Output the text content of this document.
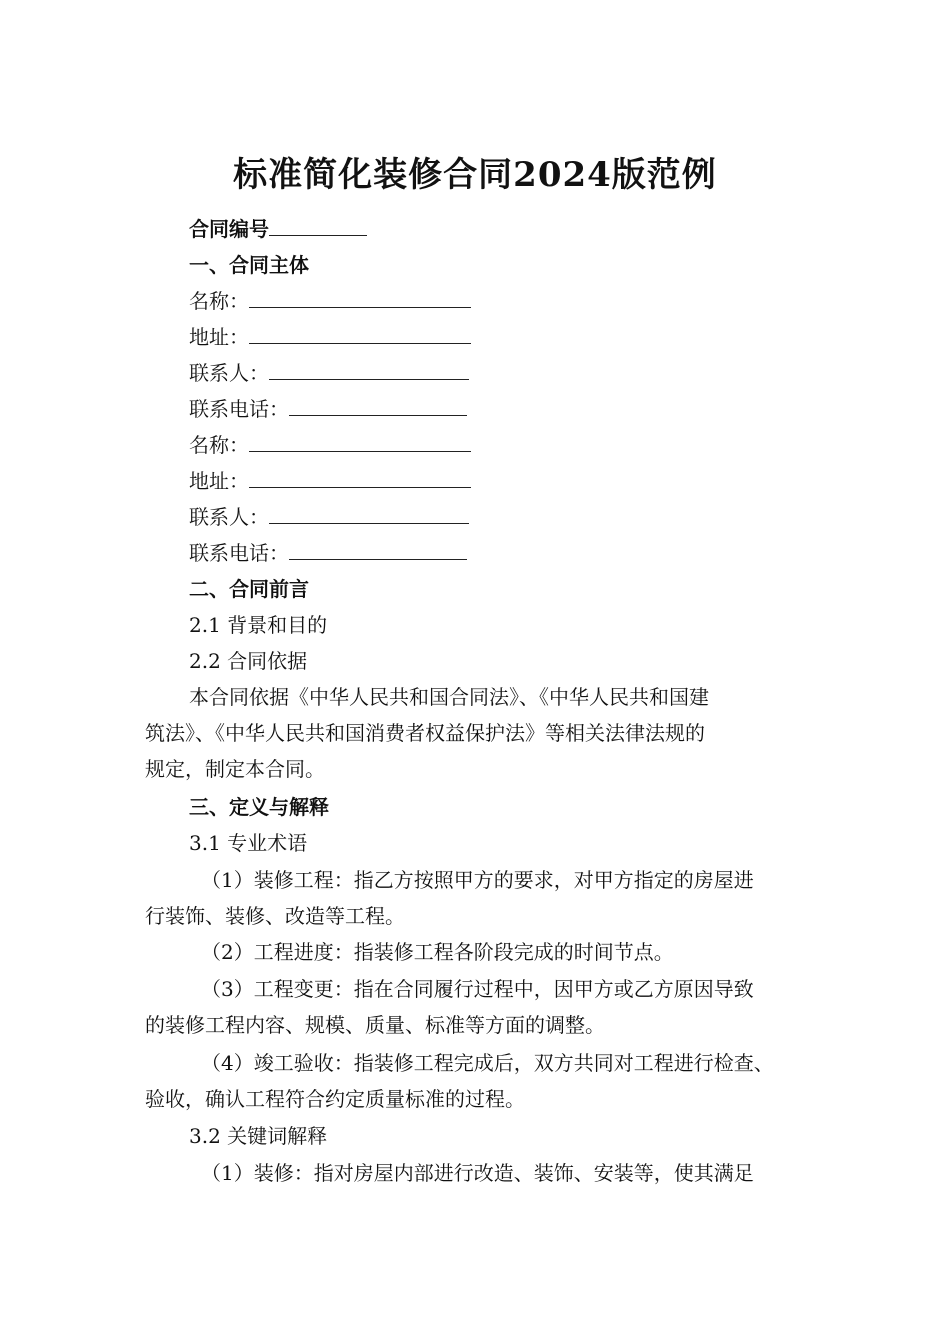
标准简化装修合同2024版范例
合同编号
一、合同主体
名称：
地址：
联系人：
联系电话：
名称：
地址：
联系人：
联系电话：
二、合同前言
2.1 背景和目的
2.2 合同依据
本合同依据《中华人民共和国合同法》、《中华人民共和国建
筑法》、《中华人民共和国消费者权益保护法》等相关法律法规的
规定，制定本合同。
三、定义与解释
3.1 专业术语
（1）装修工程：指乙方按照甲方的要求，对甲方指定的房屋进
行装饰、装修、改造等工程。
（2）工程进度：指装修工程各阶段完成的时间节点。
（3）工程变更：指在合同履行过程中，因甲方或乙方原因导致
的装修工程内容、规模、质量、标准等方面的调整。
（4）竣工验收：指装修工程完成后，双方共同对工程进行检查、
验收，确认工程符合约定质量标准的过程。
3.2 关键词解释
（1）装修：指对房屋内部进行改造、装饰、安装等，使其满足
